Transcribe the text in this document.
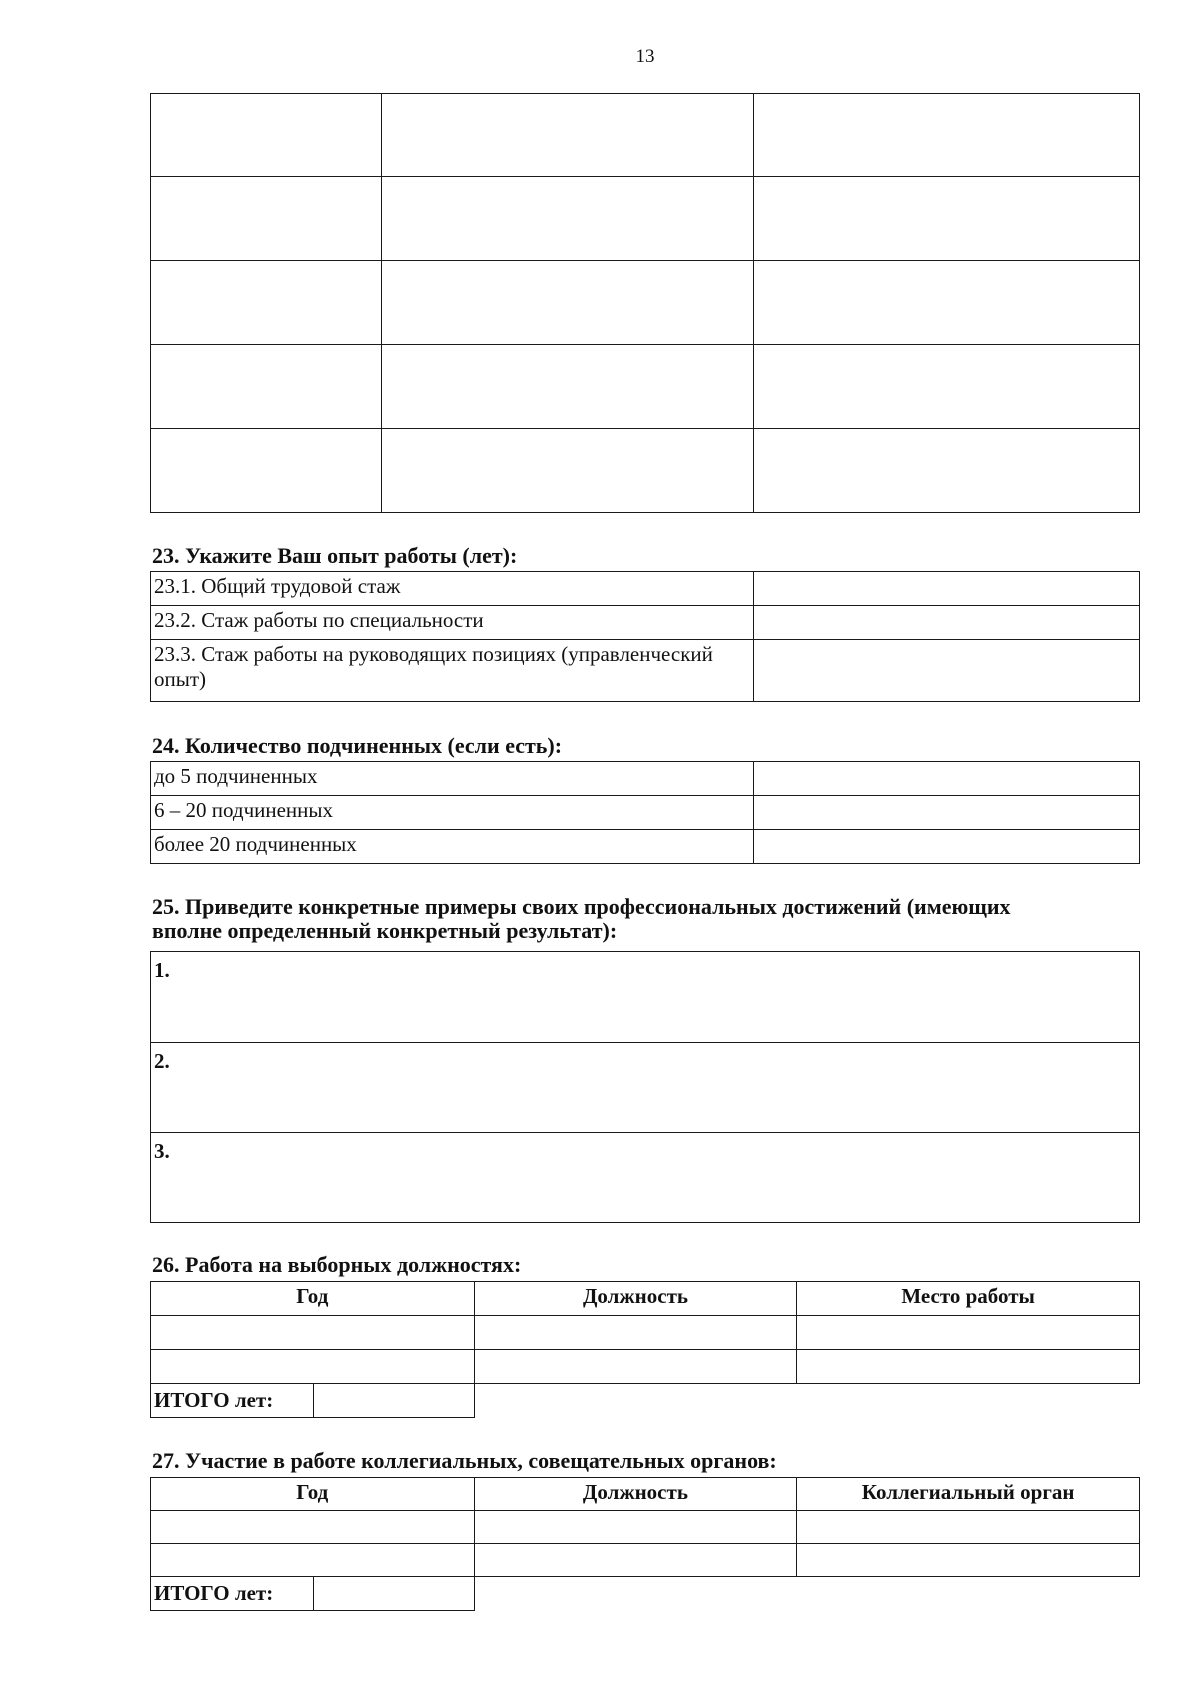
13

23. Укажите Ваш опыт работы (лет):
23.1. Общий трудовой стаж	
23.2. Стаж работы по специальности	
23.3. Стаж работы на руководящих позициях (управленческий опыт)	
24. Количество подчиненных (если есть):
до 5 подчиненных	
6 – 20 подчиненных	
более 20 подчиненных	
25. Приведите конкретные примеры своих профессиональных достижений (имеющих вполне определенный конкретный результат):
1.
2.
3.
26. Работа на выборных должностях:
Год		Должность	Место работы

ИТОГО лет:			
27. Участие в работе коллегиальных, совещательных органов:
Год		Должность	Коллегиальный орган

ИТОГО лет:			
